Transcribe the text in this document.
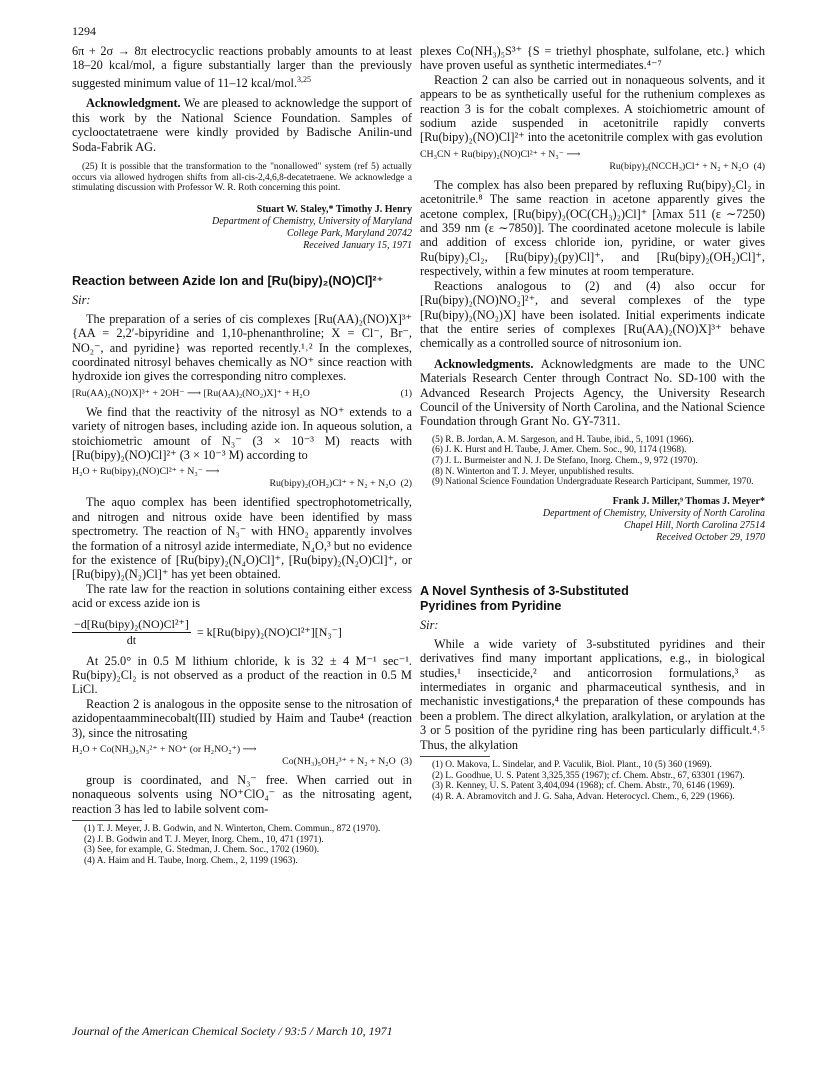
1294

6π + 2σ → 8π electrocyclic reactions probably amounts to at least 18–20 kcal/mol, a figure substantially larger than the previously suggested minimum value of 11–12 kcal/mol.$^{3,25}$

Acknowledgment. We are pleased to acknowledge the support of this work by the National Science Foundation. Samples of cyclooctatetraene were kindly provided by Badische Anilin-und Soda-Fabrik AG.

(25) It is possible that the transformation to the "nonallowed" system (ref 5) actually occurs via allowed hydrogen shifts from all-cis-2,4,6,8-decatetraene. We acknowledge a stimulating discussion with Professor W. R. Roth concerning this point.

Stuart W. Staley,* Timothy J. Henry
Department of Chemistry, University of Maryland
College Park, Maryland 20742
Received January 15, 1971
Reaction between Azide Ion and [Ru(bipy)₂(NO)Cl]²⁺
Sir:

The preparation of a series of cis complexes [Ru(AA)₂(NO)X]³⁺ {AA = 2,2′-bipyridine and 1,10-phenanthroline; X = Cl⁻, Br⁻, NO₂⁻, and pyridine} was reported recently.¹˒² In the complexes, coordinated nitrosyl behaves chemically as NO⁺ since reaction with hydroxide ion gives the corresponding nitro complexes.

[Ru(AA)₂(NO)X]³⁺ + 2OH⁻ ⟶ [Ru(AA)₂(NO₂)X]⁺ + H₂O	(1)

We find that the reactivity of the nitrosyl as NO⁺ extends to a variety of nitrogen bases, including azide ion. In aqueous solution, a stoichiometric amount of N₃⁻ (3 × 10⁻³ M) reacts with [Ru(bipy)₂(NO)Cl]²⁺ (3 × 10⁻³ M) according to

H₂O + Ru(bipy)₂(NO)Cl²⁺ + N₃⁻ ⟶
Ru(bipy)₂(OH₂)Cl⁺ + N₂ + N₂O (2)

The aquo complex has been identified spectrophotometrically, and nitrogen and nitrous oxide have been identified by mass spectrometry. The reaction of N₃⁻ with HNO₂ apparently involves the formation of a nitrosyl azide intermediate, N₄O,³ but no evidence for the existence of [Ru(bipy)₂(N₄O)Cl]⁺, [Ru(bipy)₂(N₂O)Cl]⁺, or [Ru(bipy)₂(N₂)Cl]⁺ has yet been obtained.

The rate law for the reaction in solutions containing either excess acid or excess azide ion is

$\frac{\text{−d[Ru(bipy)₂(NO)Cl²⁺]}}{dt}$ = k[Ru(bipy)₂(NO)Cl²⁺][N₃⁻]

At 25.0° in 0.5 M lithium chloride, k is 32 ± 4 M⁻¹ sec⁻¹. Ru(bipy)₂Cl₂ is not observed as a product of the reaction in 0.5 M LiCl.

Reaction 2 is analogous in the opposite sense to the nitrosation of azidopentaamminecobalt(III) studied by Haim and Taube⁴ (reaction 3), since the nitrosating

H₂O + Co(NH₃)₅N₃²⁺ + NO⁺ (or H₂NO₂⁺) ⟶
Co(NH₃)₅OH₂³⁺ + N₂ + N₂O (3)

group is coordinated, and N₃⁻ free. When carried out in nonaqueous solvents using NO⁺ClO₄⁻ as the nitrosating agent, reaction 3 has led to labile solvent com-

(1) T. J. Meyer, J. B. Godwin, and N. Winterton, Chem. Commun., 872 (1970).

(2) J. B. Godwin and T. J. Meyer, Inorg. Chem., 10, 471 (1971).

(3) See, for example, G. Stedman, J. Chem. Soc., 1702 (1960).

(4) A. Haim and H. Taube, Inorg. Chem., 2, 1199 (1963).

plexes Co(NH₃)₅S³⁺ {S = triethyl phosphate, sulfolane, etc.} which have proven useful as synthetic intermediates.⁴⁻⁷

Reaction 2 can also be carried out in nonaqueous solvents, and it appears to be as synthetically useful for the ruthenium complexes as reaction 3 is for the cobalt complexes. A stoichiometric amount of sodium azide suspended in acetonitrile rapidly converts [Ru(bipy)₂(NO)Cl]²⁺ into the acetonitrile complex with gas evolution

CH₃CN + Ru(bipy)₂(NO)Cl²⁺ + N₃⁻ ⟶
Ru(bipy)₂(NCCH₃)Cl⁺ + N₂ + N₂O (4)

The complex has also been prepared by refluxing Ru(bipy)₂Cl₂ in acetonitrile.⁸ The same reaction in acetone apparently gives the acetone complex, [Ru(bipy)₂(OC(CH₃)₂)Cl]⁺ [λmax 511 (ε ∼7250) and 359 nm (ε ∼7850)]. The coordinated acetone molecule is labile and addition of excess chloride ion, pyridine, or water gives Ru(bipy)₂Cl₂, [Ru(bipy)₂(py)Cl]⁺, and [Ru(bipy)₂(OH₂)Cl]⁺, respectively, within a few minutes at room temperature.

Reactions analogous to (2) and (4) also occur for [Ru(bipy)₂(NO)NO₂]²⁺, and several complexes of the type [Ru(bipy)₂(NO₂)X] have been isolated. Initial experiments indicate that the entire series of complexes [Ru(AA)₂(NO)X]³⁺ behave chemically as a controlled source of nitrosonium ion.

Acknowledgments. Acknowledgments are made to the UNC Materials Research Center through Contract No. SD-100 with the Advanced Research Projects Agency, the University Research Council of the University of North Carolina, and the National Science Foundation through Grant No. GY-7311.

(5) R. B. Jordan, A. M. Sargeson, and H. Taube, ibid., 5, 1091 (1966).

(6) J. K. Hurst and H. Taube, J. Amer. Chem. Soc., 90, 1174 (1968).

(7) J. L. Burmeister and N. J. De Stefano, Inorg. Chem., 9, 972 (1970).

(8) N. Winterton and T. J. Meyer, unpublished results.

(9) National Science Foundation Undergraduate Research Participant, Summer, 1970.

Frank J. Miller,⁹ Thomas J. Meyer*
Department of Chemistry, University of North Carolina
Chapel Hill, North Carolina 27514
Received October 29, 1970
A Novel Synthesis of 3-Substituted
Pyridines from Pyridine
Sir:

While a wide variety of 3-substituted pyridines and their derivatives find many important applications, e.g., in biological studies,¹ insecticide,² and anticorrosion formulations,³ as intermediates in organic and pharmaceutical synthesis, and in mechanistic investigations,⁴ the preparation of these compounds has been a problem. The direct alkylation, aralkylation, or arylation at the 3 or 5 position of the pyridine ring has been particularly difficult.⁴˒⁵ Thus, the alkylation

(1) O. Makova, L. Sindelar, and P. Vaculik, Biol. Plant., 10 (5) 360 (1969).

(2) L. Goodhue, U. S. Patent 3,325,355 (1967); cf. Chem. Abstr., 67, 63301 (1967).

(3) R. Kenney, U. S. Patent 3,404,094 (1968); cf. Chem. Abstr., 70, 6146 (1969).

(4) R. A. Abramovitch and J. G. Saha, Advan. Heterocycl. Chem., 6, 229 (1966).

Journal of the American Chemical Society / 93:5 / March 10, 1971
